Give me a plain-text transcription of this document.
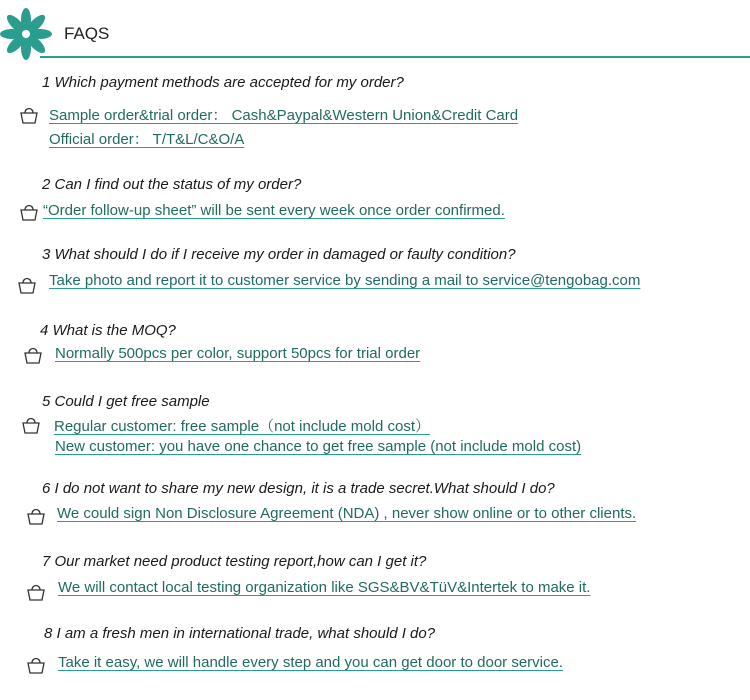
FAQS
1 Which payment methods are accepted for my order?
Sample order&trial order： Cash&Paypal&Western Union&Credit Card
Official order： T/T&L/C&O/A
2 Can I find out the status of my order?
“Order follow-up sheet” will be sent every week once order confirmed.
3 What should I do if I receive my order in damaged or faulty condition?
Take photo and report it to customer service by sending a mail to service@tengobag.com
4 What is the MOQ?
Normally 500pcs per color, support 50pcs for trial order
5 Could I get free sample
Regular customer: free sample（not include mold cost）
New customer: you have one chance to get free sample (not include mold cost)
6 I do not want to share my new design, it is a trade secret.What should I do?
We could sign Non Disclosure Agreement (NDA) , never show online or to other clients.
7 Our market need product testing report,how can I get it?
We will contact local testing organization like SGS&BV&TüV&Intertek to make it.
8 I am a fresh men in international trade, what should I do?
Take it easy, we will handle every step and you can get door to door service.
